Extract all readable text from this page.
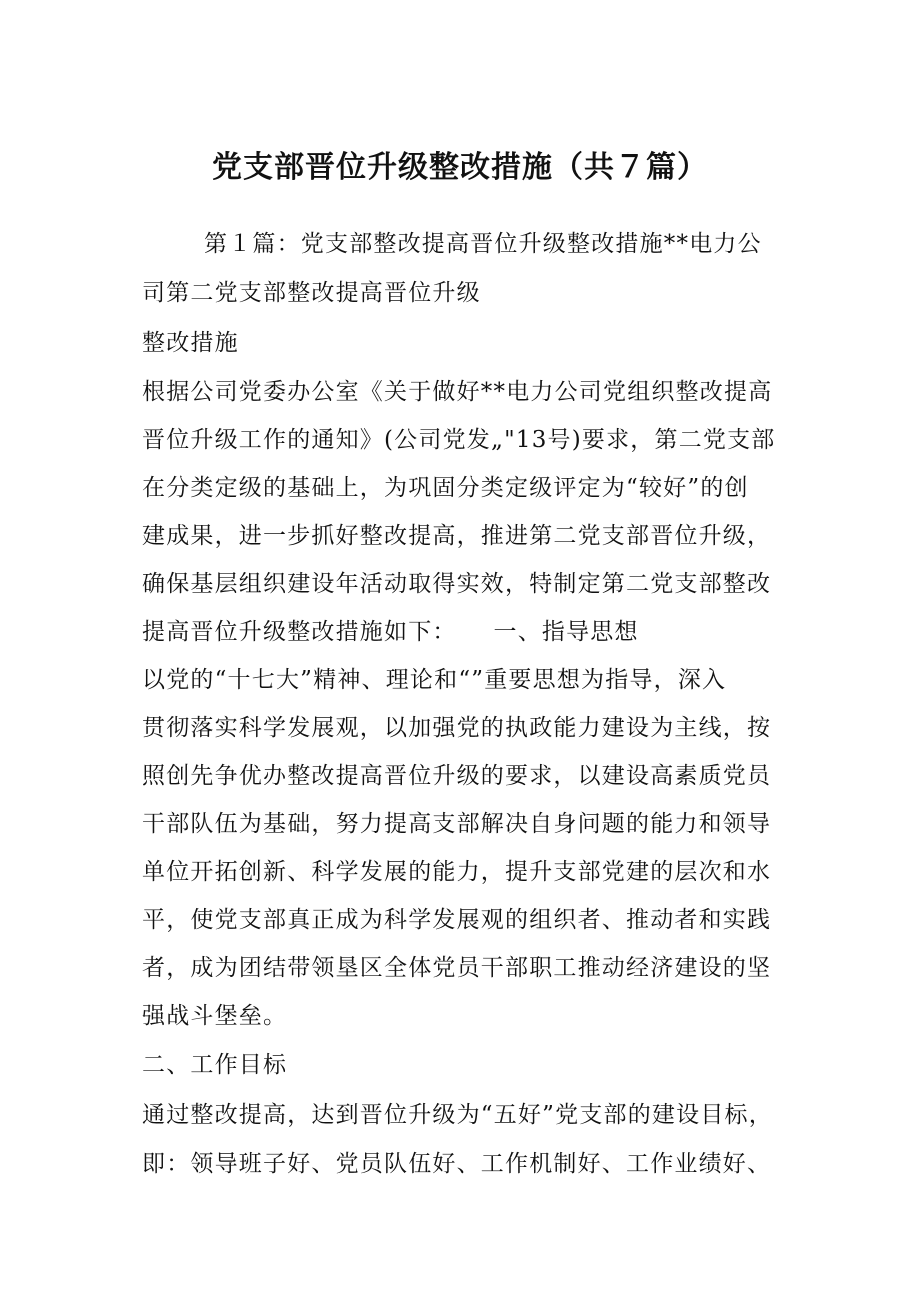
党支部晋位升级整改措施（共７篇）
第１篇：党支部整改提高晋位升级整改措施**电力公
司第二党支部整改提高晋位升级
整改措施
根据公司党委办公室《关于做好**电力公司党组织整改提高
晋位升级工作的通知》(公司党发„"13号)要求，第二党支部
在分类定级的基础上，为巩固分类定级评定为“较好”的创
建成果，进一步抓好整改提高，推进第二党支部晋位升级，
确保基层组织建设年活动取得实效，特制定第二党支部整改
提高晋位升级整改措施如下：　　一、指导思想
以党的“十七大”精神、理论和“”重要思想为指导，深入
贯彻落实科学发展观，以加强党的执政能力建设为主线，按
照创先争优办整改提高晋位升级的要求，以建设高素质党员
干部队伍为基础，努力提高支部解决自身问题的能力和领导
单位开拓创新、科学发展的能力，提升支部党建的层次和水
平，使党支部真正成为科学发展观的组织者、推动者和实践
者，成为团结带领垦区全体党员干部职工推动经济建设的坚
强战斗堡垒。
二、工作目标
通过整改提高，达到晋位升级为“五好”党支部的建设目标，
即：领导班子好、党员队伍好、工作机制好、工作业绩好、
